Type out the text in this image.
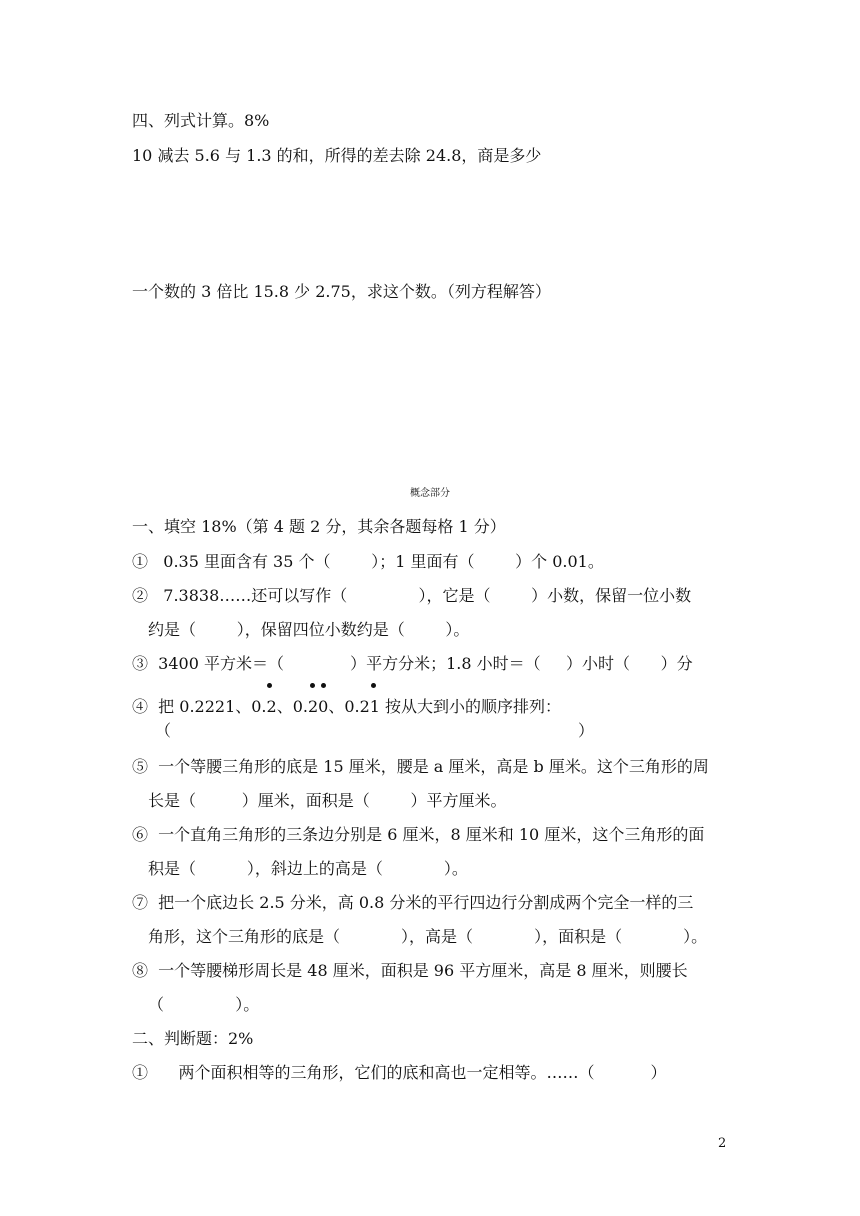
四、列式计算。8%
10 减去 5.6 与 1.3 的和，所得的差去除 24.8，商是多少
一个数的 3 倍比 15.8 少 2.75，求这个数。（列方程解答）
概念部分
一、填空 18%（第 4 题 2 分，其余各题每格 1 分）
①   0.35 里面含有 35 个（        ）；1 里面有（        ）个 0.01。
②   7.3838……还可以写作（              ），它是（        ）小数，保留一位小数
约是（        ），保留四位小数约是（        ）。
③  3400 平方米＝（             ）平方分米；1.8 小时＝（     ）小时（      ）分
④  把 0.2221、0.2、0.20、0.21 按从大到小的顺序排列：
（	）
⑤  一个等腰三角形的底是 15 厘米，腰是 a 厘米，高是 b 厘米。这个三角形的周
长是（         ）厘米，面积是（        ）平方厘米。
⑥  一个直角三角形的三条边分别是 6 厘米，8 厘米和 10 厘米，这个三角形的面
积是（          ），斜边上的高是（            ）。
⑦  把一个底边长 2.5 分米，高 0.8 分米的平行四边行分割成两个完全一样的三
角形，这个三角形的底是（            ），高是（            ），面积是（            ）。
⑧  一个等腰梯形周长是 48 厘米，面积是 96 平方厘米，高是 8 厘米，则腰长
（              ）。
二、判断题：2%
①      两个面积相等的三角形，它们的底和高也一定相等。……（           ）
2
